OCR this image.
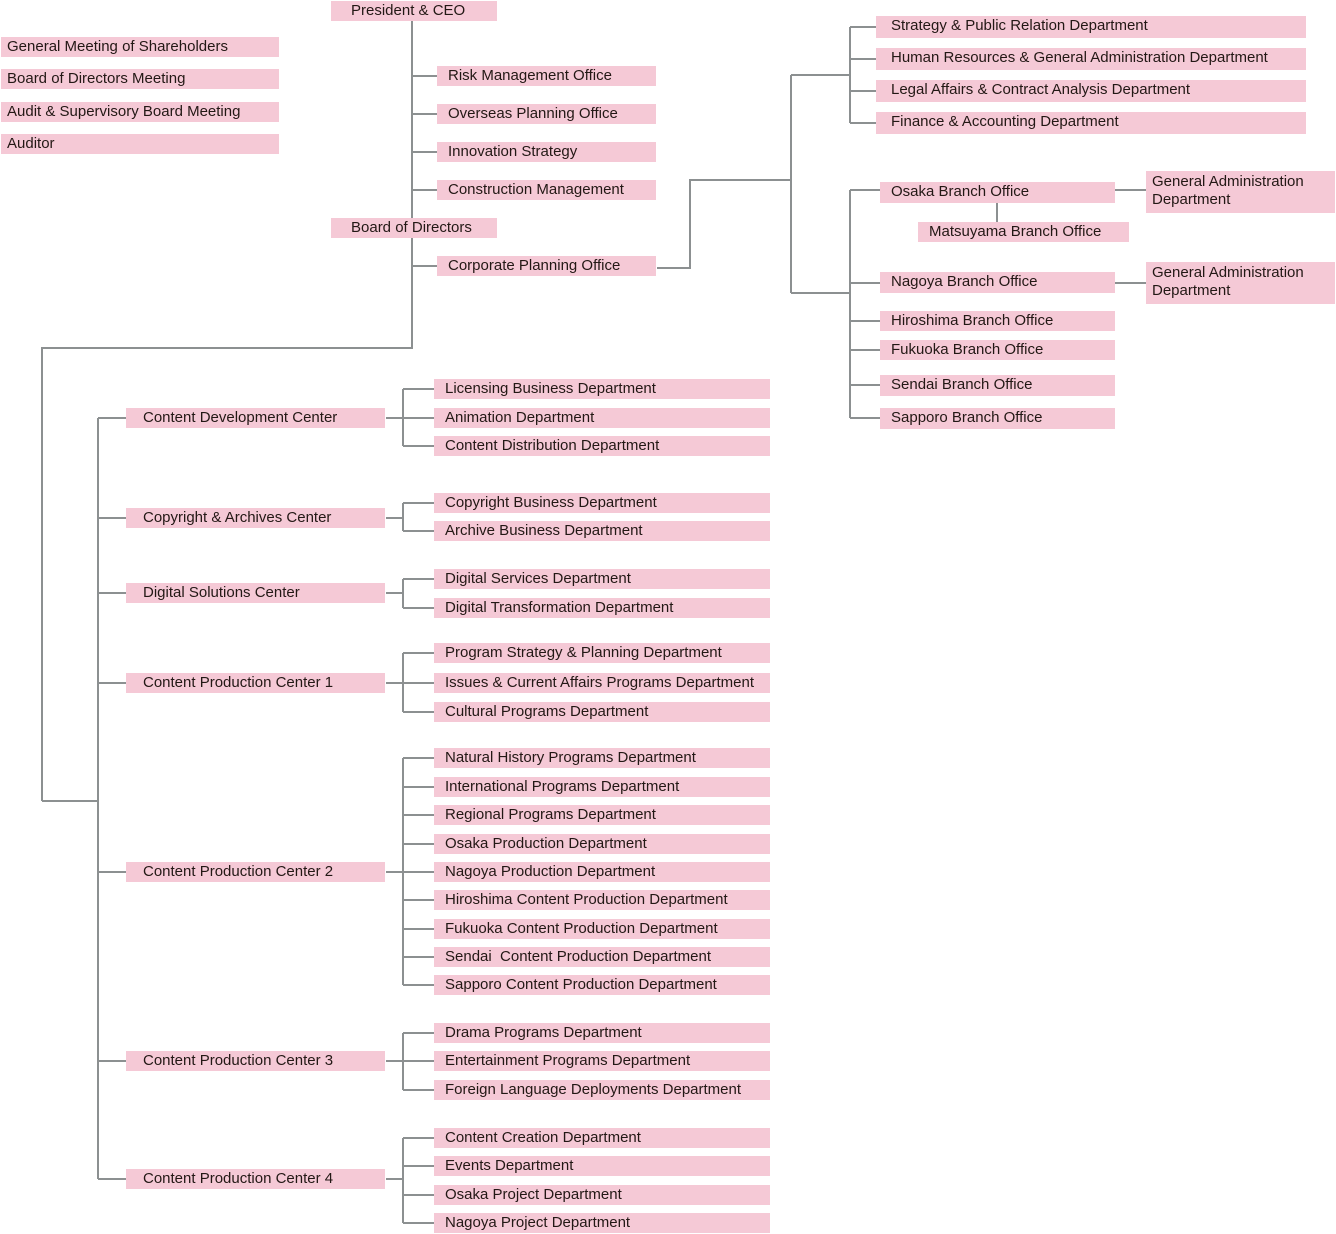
General Meeting of Shareholders
Board of Directors Meeting
Audit & Supervisory Board Meeting
Auditor
President & CEO
Board of Directors
Risk Management Office
Overseas Planning Office
Innovation Strategy
Construction Management
Corporate Planning Office
Strategy & Public Relation Department
Human Resources & General Administration Department
Legal Affairs & Contract Analysis Department
Finance & Accounting Department
Osaka Branch Office
General Administration Department
Matsuyama Branch Office
Nagoya Branch Office
General Administration Department
Hiroshima Branch Office
Fukuoka Branch Office
Sendai Branch Office
Sapporo Branch Office
Content Development Center
Copyright & Archives Center
Digital Solutions Center
Content Production Center 1
Content Production Center 2
Content Production Center 3
Content Production Center 4
Licensing Business Department
Animation Department
Content Distribution Department
Copyright Business Department
Archive Business Department
Digital Services Department
Digital Transformation Department
Program Strategy & Planning Department
Issues & Current Affairs Programs Department
Cultural Programs Department
Natural History Programs Department
International Programs Department
Regional Programs Department
Osaka Production Department
Nagoya Production Department
Hiroshima Content Production Department
Fukuoka Content Production Department
Sendai  Content Production Department
Sapporo Content Production Department
Drama Programs Department
Entertainment Programs Department
Foreign Language Deployments Department
Content Creation Department
Events Department
Osaka Project Department
Nagoya Project Department
